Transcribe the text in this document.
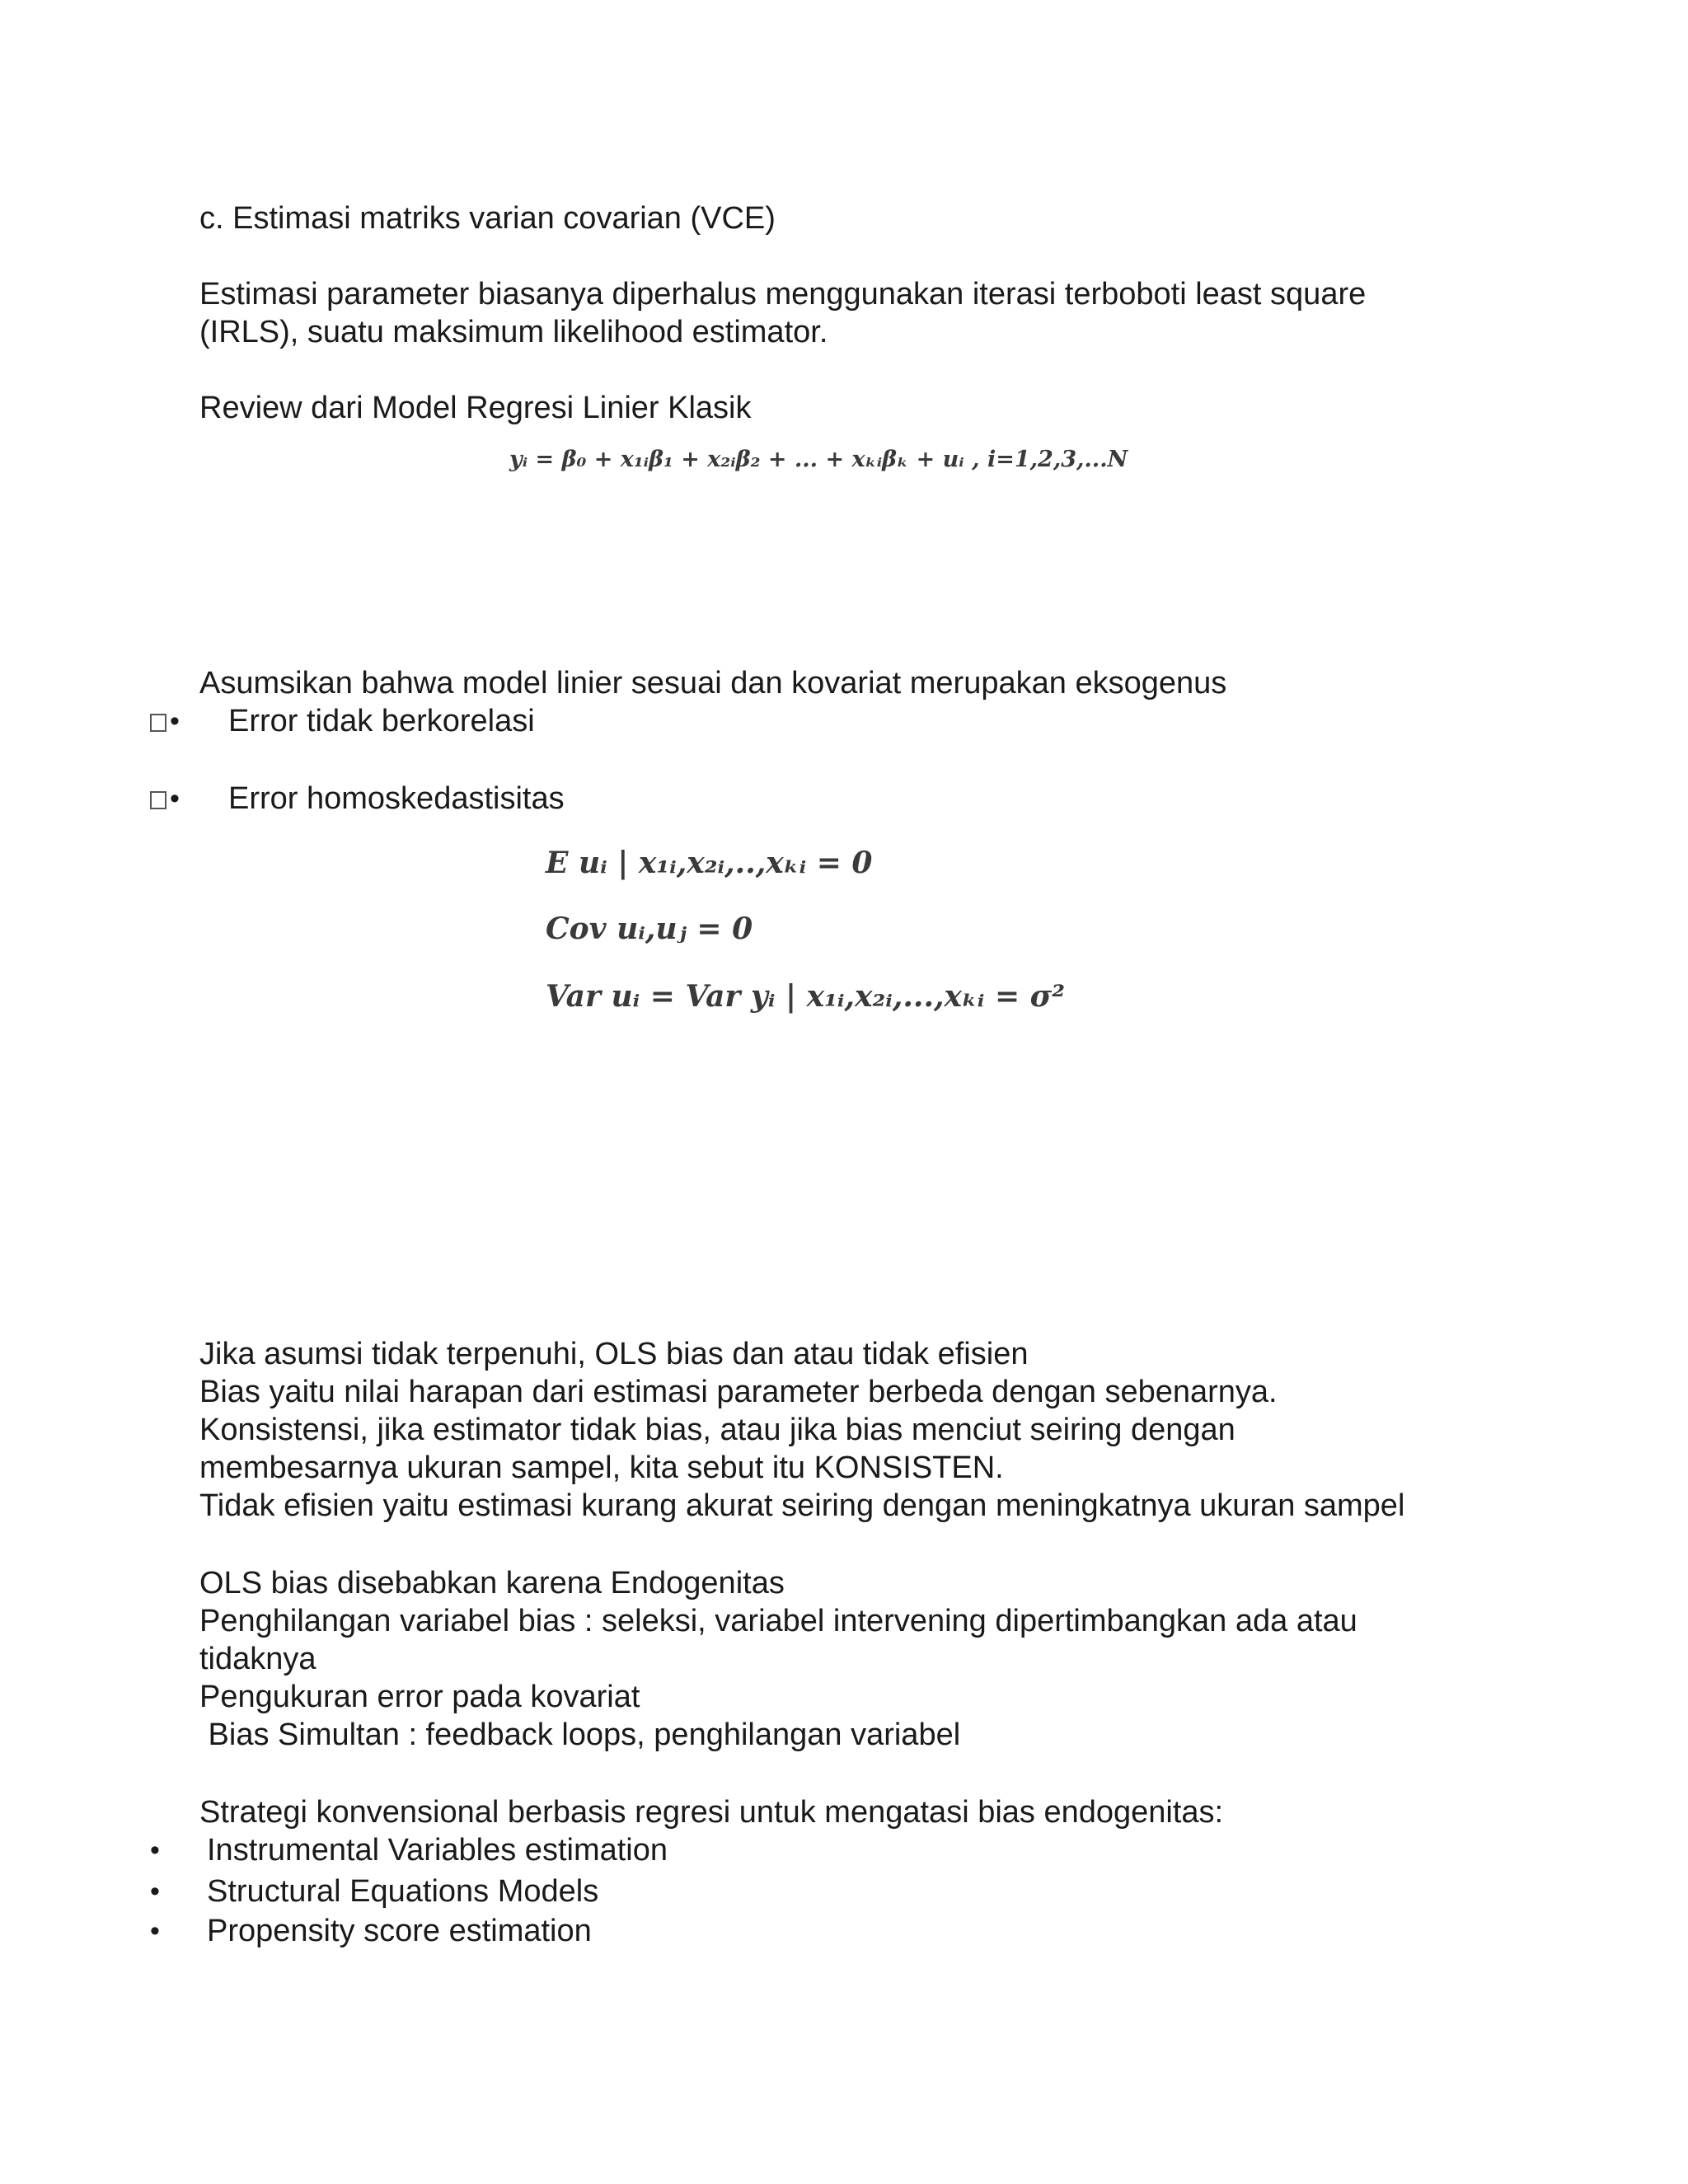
c. Estimasi matriks varian covarian (VCE)
Estimasi parameter biasanya diperhalus menggunakan iterasi terboboti least square
(IRLS), suatu maksimum likelihood estimator.
Review dari Model Regresi Linier Klasik
yᵢ = β₀ + x₁ᵢβ₁ + x₂ᵢβ₂ + ... + xₖᵢβₖ + uᵢ , i=1,2,3,...N
Asumsikan bahwa model linier sesuai dan kovariat merupakan eksogenus
• Error tidak berkorelasi
• Error homoskedastisitas
E uᵢ | x₁ᵢ,x₂ᵢ,..,xₖᵢ = 0
Cov uᵢ,uⱼ = 0
Var uᵢ = Var yᵢ | x₁ᵢ,x₂ᵢ,...,xₖᵢ = σ²
Jika asumsi tidak terpenuhi, OLS bias dan atau tidak efisien
Bias yaitu nilai harapan dari estimasi parameter berbeda dengan sebenarnya.
Konsistensi, jika estimator tidak bias, atau jika bias menciut seiring dengan
membesarnya ukuran sampel, kita sebut itu KONSISTEN.
Tidak efisien yaitu estimasi kurang akurat seiring dengan meningkatnya ukuran sampel
OLS bias disebabkan karena Endogenitas
Penghilangan variabel bias : seleksi, variabel intervening dipertimbangkan ada atau
tidaknya
Pengukuran error pada kovariat
Bias Simultan : feedback loops, penghilangan variabel
Strategi konvensional berbasis regresi untuk mengatasi bias endogenitas:
• Instrumental Variables estimation
• Structural Equations Models
• Propensity score estimation
